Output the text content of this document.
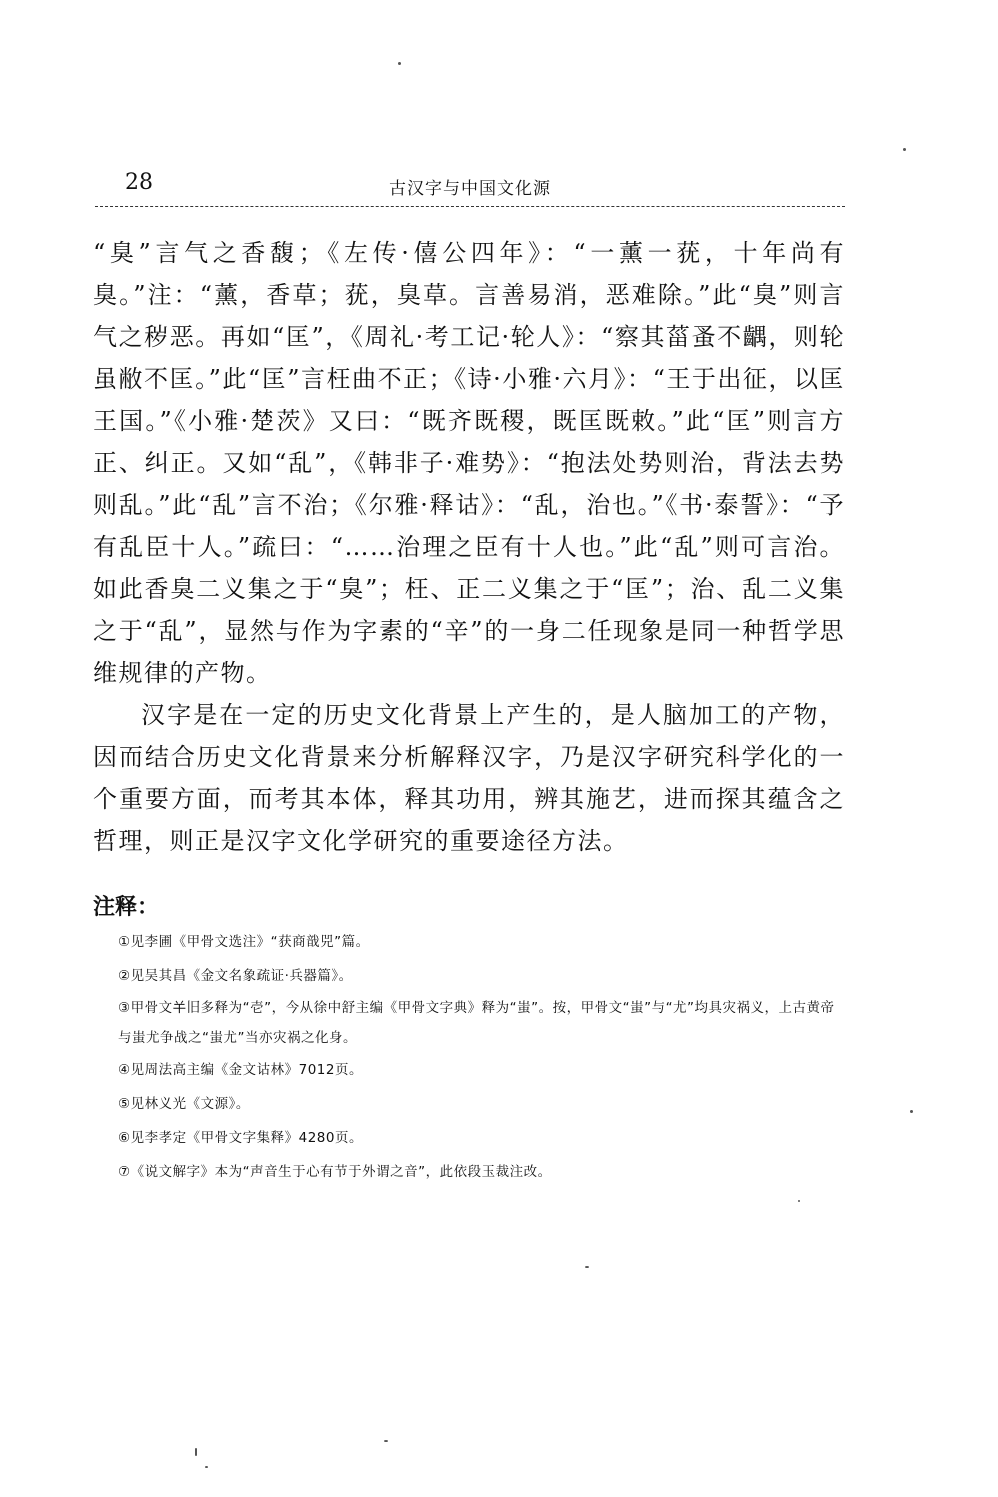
28	古汉字与中国文化源

“臭”言气之香馥；《左传·僖公四年》：“一薰一莸，十年尚有臭。”注：“薰，香草；莸，臭草。言善易消，恶难除。”此“臭”则言气之秽恶。再如“匡”，《周礼·考工记·轮人》：“察其菑蚤不齵，则轮虽敝不匡。”此“匡”言枉曲不正；《诗·小雅·六月》：“王于出征，以匡王国。”《小雅·楚茨》又曰：“既齐既稷，既匡既敕。”此“匡”则言方正、纠正。又如“乱”，《韩非子·难势》：“抱法处势则治，背法去势则乱。”此“乱”言不治；《尔雅·释诂》：“乱，治也。”《书·泰誓》：“予有乱臣十人。”疏曰：“……治理之臣有十人也。”此“乱”则可言治。如此香臭二义集之于“臭”；枉、正二义集之于“匡”；治、乱二义集之于“乱”，显然与作为字素的“辛”的一身二任现象是同一种哲学思维规律的产物。

汉字是在一定的历史文化背景上产生的，是人脑加工的产物，因而结合历史文化背景来分析解释汉字，乃是汉字研究科学化的一个重要方面，而考其本体，释其功用，辨其施艺，进而探其蕴含之哲理，则正是汉字文化学研究的重要途径方法。

注释：

①见李圃《甲骨文选注》“获商戠兕”篇。

②见吴其昌《金文名象疏证·兵器篇》。

③甲骨文𢆉旧多释为“壱”，今从徐中舒主编《甲骨文字典》释为“蚩”。按，甲骨文“蚩”与“尤”均具灾祸义，上古黄帝与蚩尤争战之“蚩尤”当亦灾祸之化身。

④见周法高主编《金文诂林》7012页。

⑤见林义光《文源》。

⑥见李孝定《甲骨文字集释》4280页。

⑦《说文解字》本为“声音生于心有节于外谓之音”，此依段玉裁注改。
